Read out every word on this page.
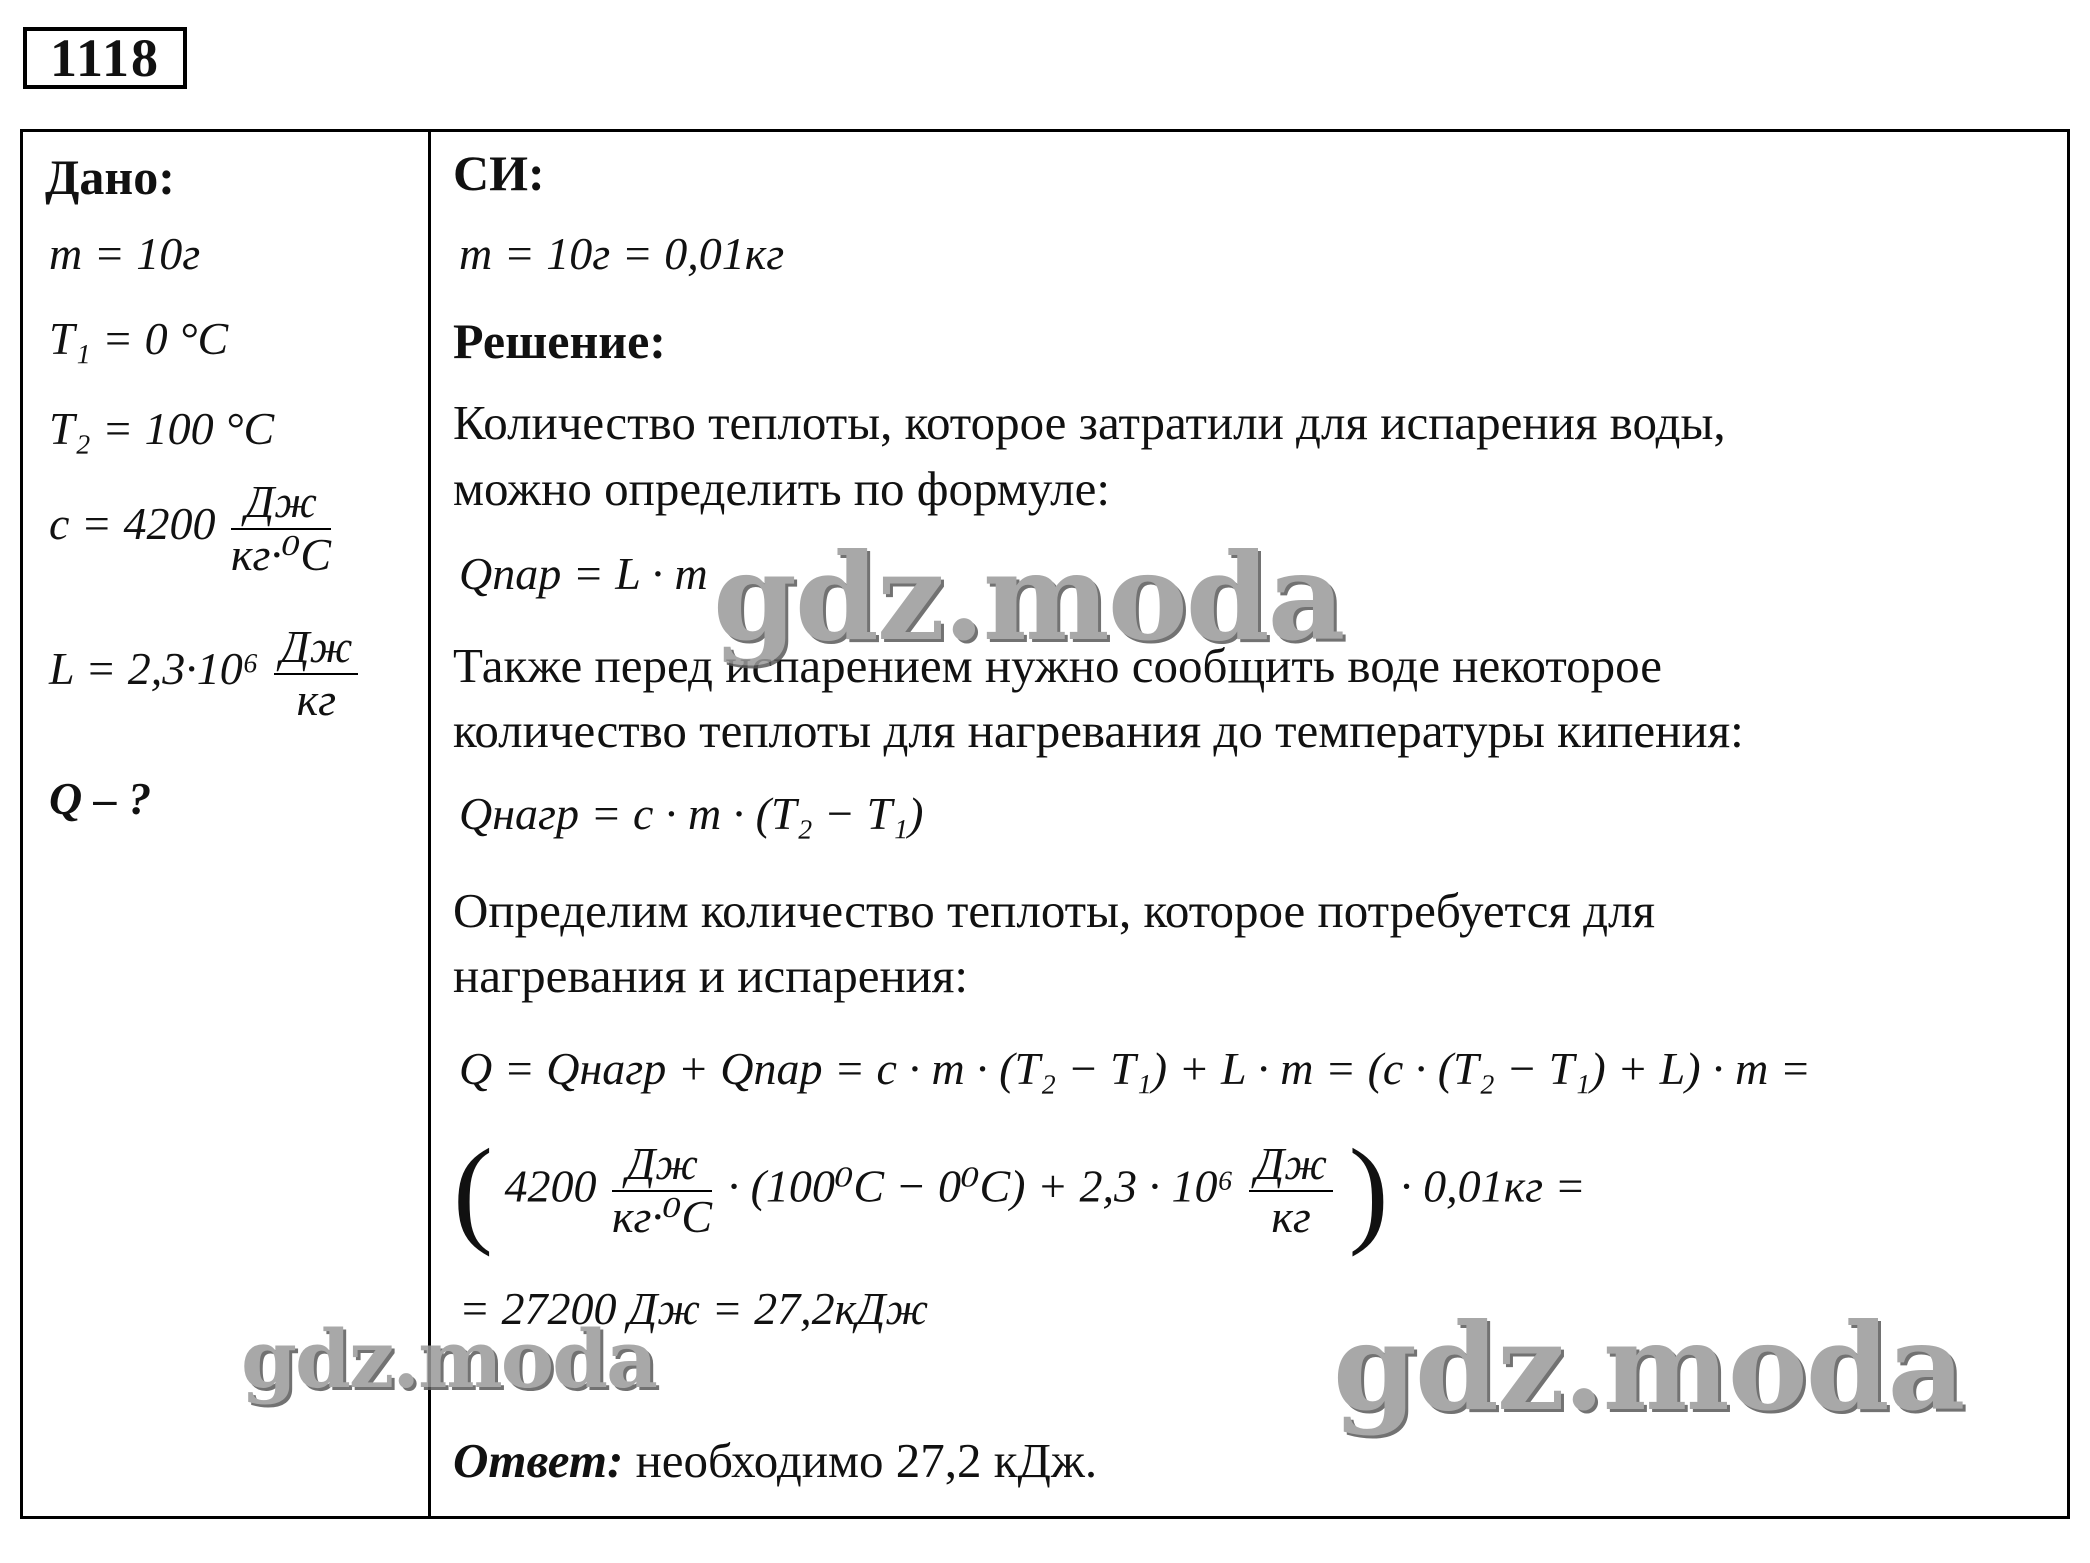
1118
Дано:
m = 10г
T₁ = 0 °C
T₂ = 100 °C
$c = 4200 \frac{Дж}{\text{кг·⁰C}}$
$L = 2,3\cdot 10^6 \frac{Дж}{кг}$
Q – ?
СИ:
m = 10г = 0,01кг
Решение:
Количество теплоты, которое затратили для испарения воды,
можно определить по формуле:
Qпар = L · m
Также перед испарением нужно сообщить воде некоторое
количество теплоты для нагревания до температуры кипения:
Qнагр = c · m · (T₂ − T₁)
Определим количество теплоты, которое потребуется для
нагревания и испарения:
Q = Qнагр + Qпар = c · m · (T₂ − T₁) + L · m = (c · (T₂ − T₁) + L) · m =
( $4200 \frac{Дж}{\text{кг·⁰C}} \cdot (100^0C - 0^0C) + 2,3 \cdot 10^6 \frac{Дж}{кг}$ ) · 0,01кг =
= 27200 Дж = 27,2кДж
Ответ: необходимо 27,2 кДж.
gdz.moda
gdz.moda	gdz.moda
